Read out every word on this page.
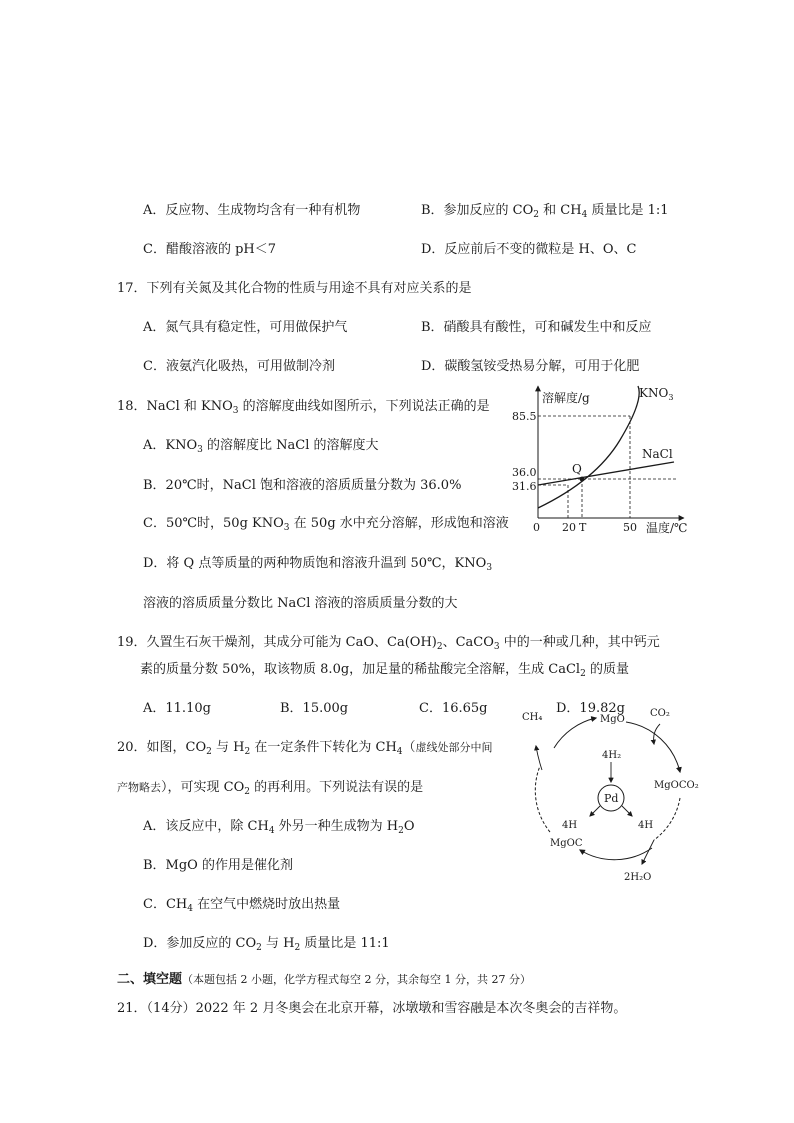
A．反应物、生成物均含有一种有机物	B．参加反应的 $CO_2$ 和 $CH_4$ 质量比是 1:1
C．醋酸溶液的 pH＜7	D．反应前后不变的微粒是 H、O、C
17．下列有关氮及其化合物的性质与用途不具有对应关系的是
A．氮气具有稳定性，可用做保护气	B．硝酸具有酸性，可和碱发生中和反应
C．液氨汽化吸热，可用做制冷剂	D．碳酸氢铵受热易分解，可用于化肥
18．NaCl 和 $KNO_3$ 的溶解度曲线如图所示，下列说法正确的是
A．$KNO_3$ 的溶解度比 NaCl 的溶解度大
B．20℃时，NaCl 饱和溶液的溶质质量分数为 36.0%
C．50℃时，50g $KNO_3$ 在 50g 水中充分溶解，形成饱和溶液
D．将 Q 点等质量的两种物质饱和溶液升温到 50℃，$KNO_3$
溶液的溶质质量分数比 NaCl 溶液的溶质质量分数的大
溶解度/g
温度/℃
85.5
36.0
31.6
0 20 T	50
Q
$KNO_3$
NaCl
19．久置生石灰干燥剂，其成分可能为 CaO、$Ca(OH)_2$、CaCO$_3$ 中的一种或几种，其中钙元
素的质量分数 50%，取该物质 8.0g，加足量的稀盐酸完全溶解，生成 CaCl$_2$ 的质量
A．11.10g	B．15.00g	C．16.65g	D．19.82g
20．如图，$CO_2$ 与 $H_2$ 在一定条件下转化为 $CH_4$（虚线处部分中间
产物略去），可实现 $CO_2$ 的再利用。下列说法有误的是
A．该反应中，除 $CH_4$ 外另一种生成物为 $H_2O$
B．MgO 的作用是催化剂
C．$CH_4$ 在空气中燃烧时放出热量
D．参加反应的 $CO_2$ 与 $H_2$ 质量比是 11:1
MgO
CO₂
CH₄
4H₂
Pd
MgOCO₂
4H	4H
MgOC
2H₂O
二、填空题（本题包括 2 小题，化学方程式每空 2 分，其余每空 1 分，共 27 分）
21．（14分）2022 年 2 月冬奥会在北京开幕，冰墩墩和雪容融是本次冬奥会的吉祥物。
